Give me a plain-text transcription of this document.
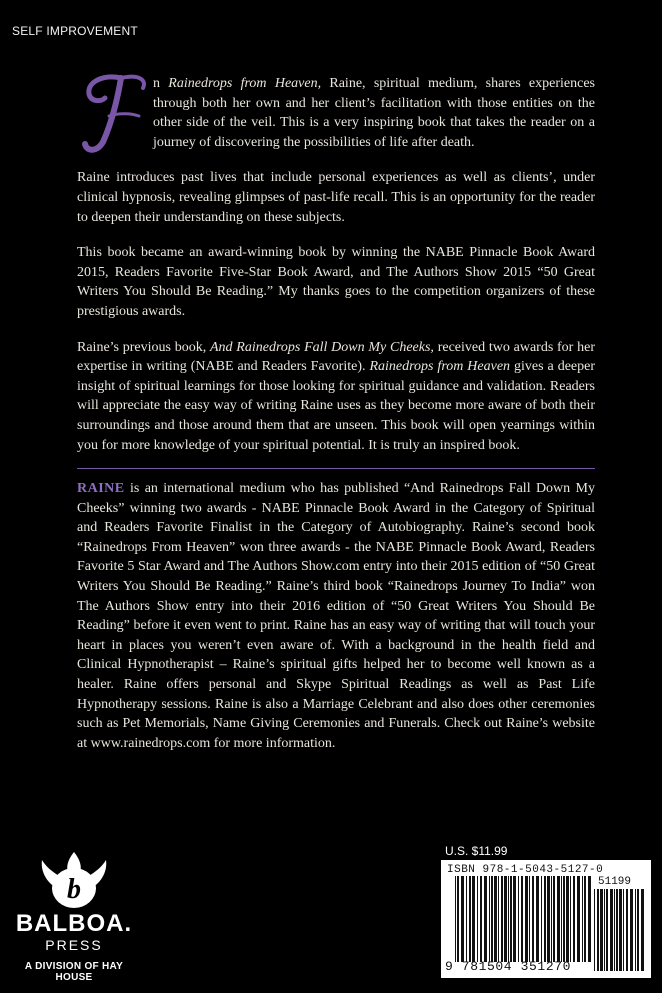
SELF IMPROVEMENT

n Rainedrops from Heaven, Raine, spiritual medium, shares experiences through both her own and her client’s facilitation with those entities on the other side of the veil. This is a very inspiring book that takes the reader on a journey of discovering the possibilities of life after death.

Raine introduces past lives that include personal experiences as well as clients’, under clinical hypnosis, revealing glimpses of past-life recall. This is an opportunity for the reader to deepen their understanding on these subjects.

This book became an award-winning book by winning the NABE Pinnacle Book Award 2015, Readers Favorite Five-Star Book Award, and The Authors Show 2015 “50 Great Writers You Should Be Reading.” My thanks goes to the competition organizers of these prestigious awards.

Raine’s previous book, And Rainedrops Fall Down My Cheeks, received two awards for her expertise in writing (NABE and Readers Favorite). Rainedrops from Heaven gives a deeper insight of spiritual learnings for those looking for spiritual guidance and validation. Readers will appreciate the easy way of writing Raine uses as they become more aware of both their surroundings and those around them that are unseen. This book will open yearnings within you for more knowledge of your spiritual potential. It is truly an inspired book.

RAINE is an international medium who has published “And Rainedrops Fall Down My Cheeks” winning two awards - NABE Pinnacle Book Award in the Category of Spiritual and Readers Favorite Finalist in the Category of Autobiography. Raine’s second book “Rainedrops From Heaven” won three awards - the NABE Pinnacle Book Award, Readers Favorite 5 Star Award and The Authors Show.com entry into their 2015 edition of “50 Great Writers You Should Be Reading.” Raine’s third book “Rainedrops Journey To India” won The Authors Show entry into their 2016 edition of “50 Great Writers You Should Be Reading” before it even went to print. Raine has an easy way of writing that will touch your heart in places you weren’t even aware of. With a background in the health field and Clinical Hypnotherapist – Raine’s spiritual gifts helped her to become well known as a healer. Raine offers personal and Skype Spiritual Readings as well as Past Life Hypnotherapy sessions. Raine is also a Marriage Celebrant and also does other ceremonies such as Pet Memorials, Name Giving Ceremonies and Funerals. Check out Raine’s website at www.rainedrops.com for more information.
b
BALBOA.
PRESS
A DIVISION OF HAY HOUSE
U.S. $11.99
ISBN 978-1-5043-5127-0
51199
9 781504 351270
